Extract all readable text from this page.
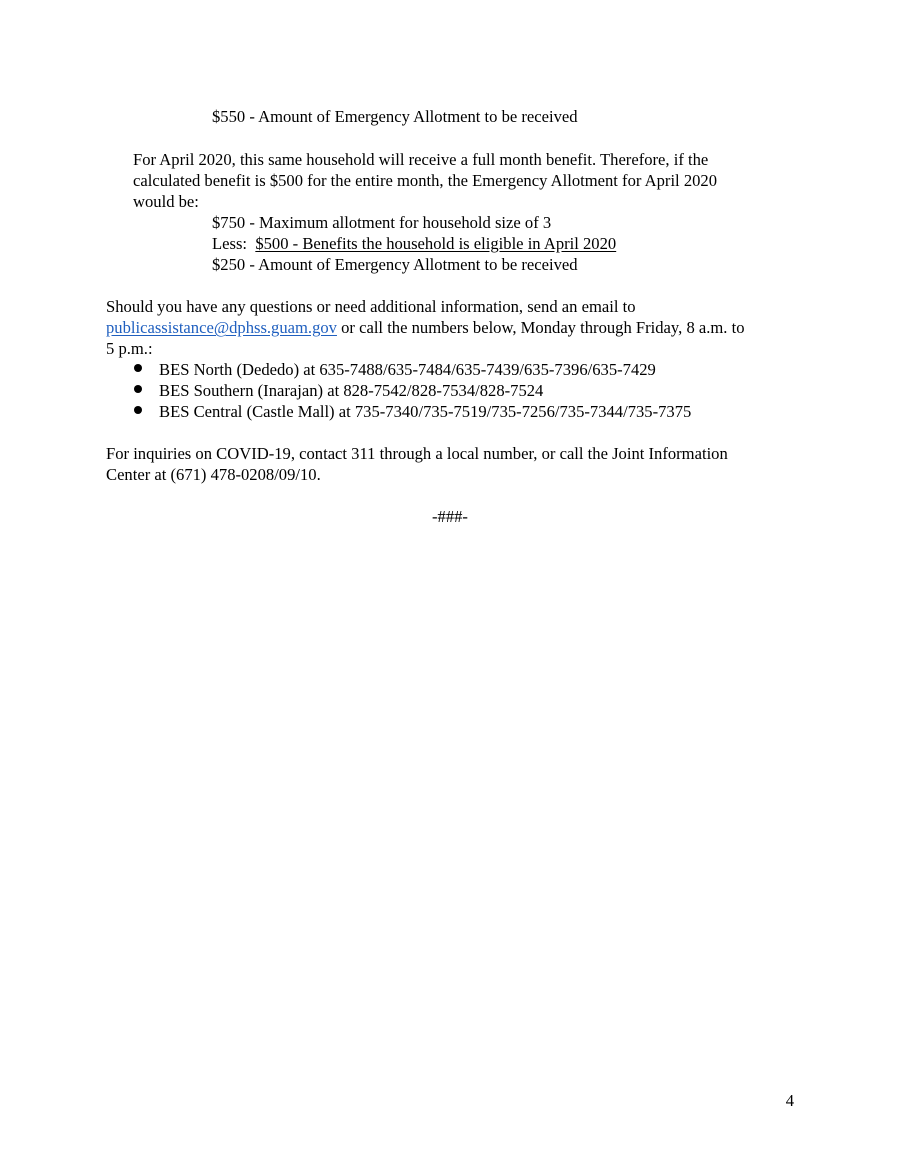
$550 - Amount of Emergency Allotment to be received
For April 2020, this same household will receive a full month benefit. Therefore, if the
calculated benefit is $500 for the entire month, the Emergency Allotment for April 2020
would be:
$750 - Maximum allotment for household size of 3
Less:  $500 - Benefits the household is eligible in April 2020
$250 - Amount of Emergency Allotment to be received
Should you have any questions or need additional information, send an email to
publicassistance@dphss.guam.gov or call the numbers below, Monday through Friday, 8 a.m. to
5 p.m.:
BES North (Dededo) at 635-7488/635-7484/635-7439/635-7396/635-7429
BES Southern (Inarajan) at 828-7542/828-7534/828-7524
BES Central (Castle Mall) at 735-7340/735-7519/735-7256/735-7344/735-7375
For inquiries on COVID-19, contact 311 through a local number, or call the Joint Information
Center at (671) 478-0208/09/10.
-###-
4
